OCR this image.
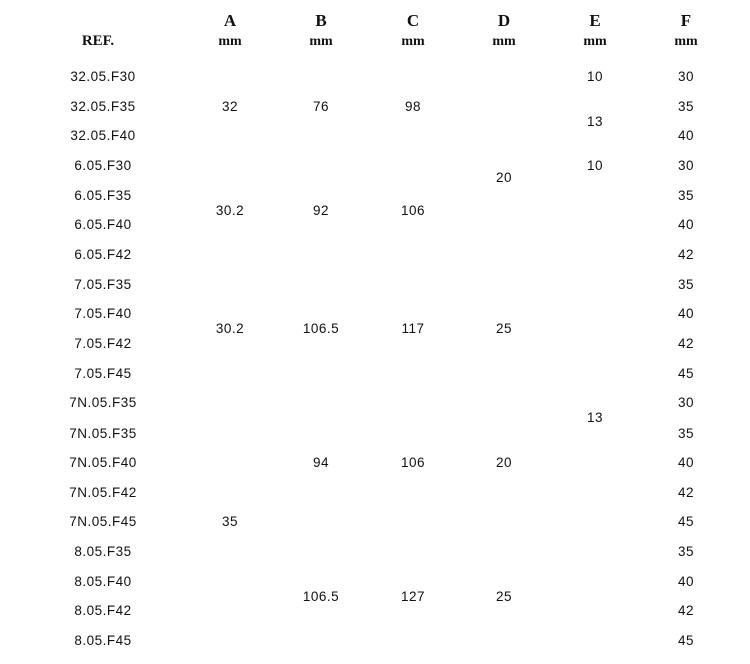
REF.
A
mm
B
mm
C
mm
D
mm
E
mm
F
mm
32.05.F30
32.05.F35
32.05.F40
6.05.F30
6.05.F35
6.05.F40
6.05.F42
7.05.F35
7.05.F40
7.05.F42
7.05.F45
7N.05.F35
7N.05.F35
7N.05.F40
7N.05.F42
7N.05.F45
8.05.F35
8.05.F40
8.05.F42
8.05.F45
32
30.2
30.2
35
76
92
106.5
94
106.5
98
106
117
106
127
20
25
20
25
10
13
10
13
30
35
40
30
35
40
42
35
40
42
45
30
35
40
42
45
35
40
42
45
